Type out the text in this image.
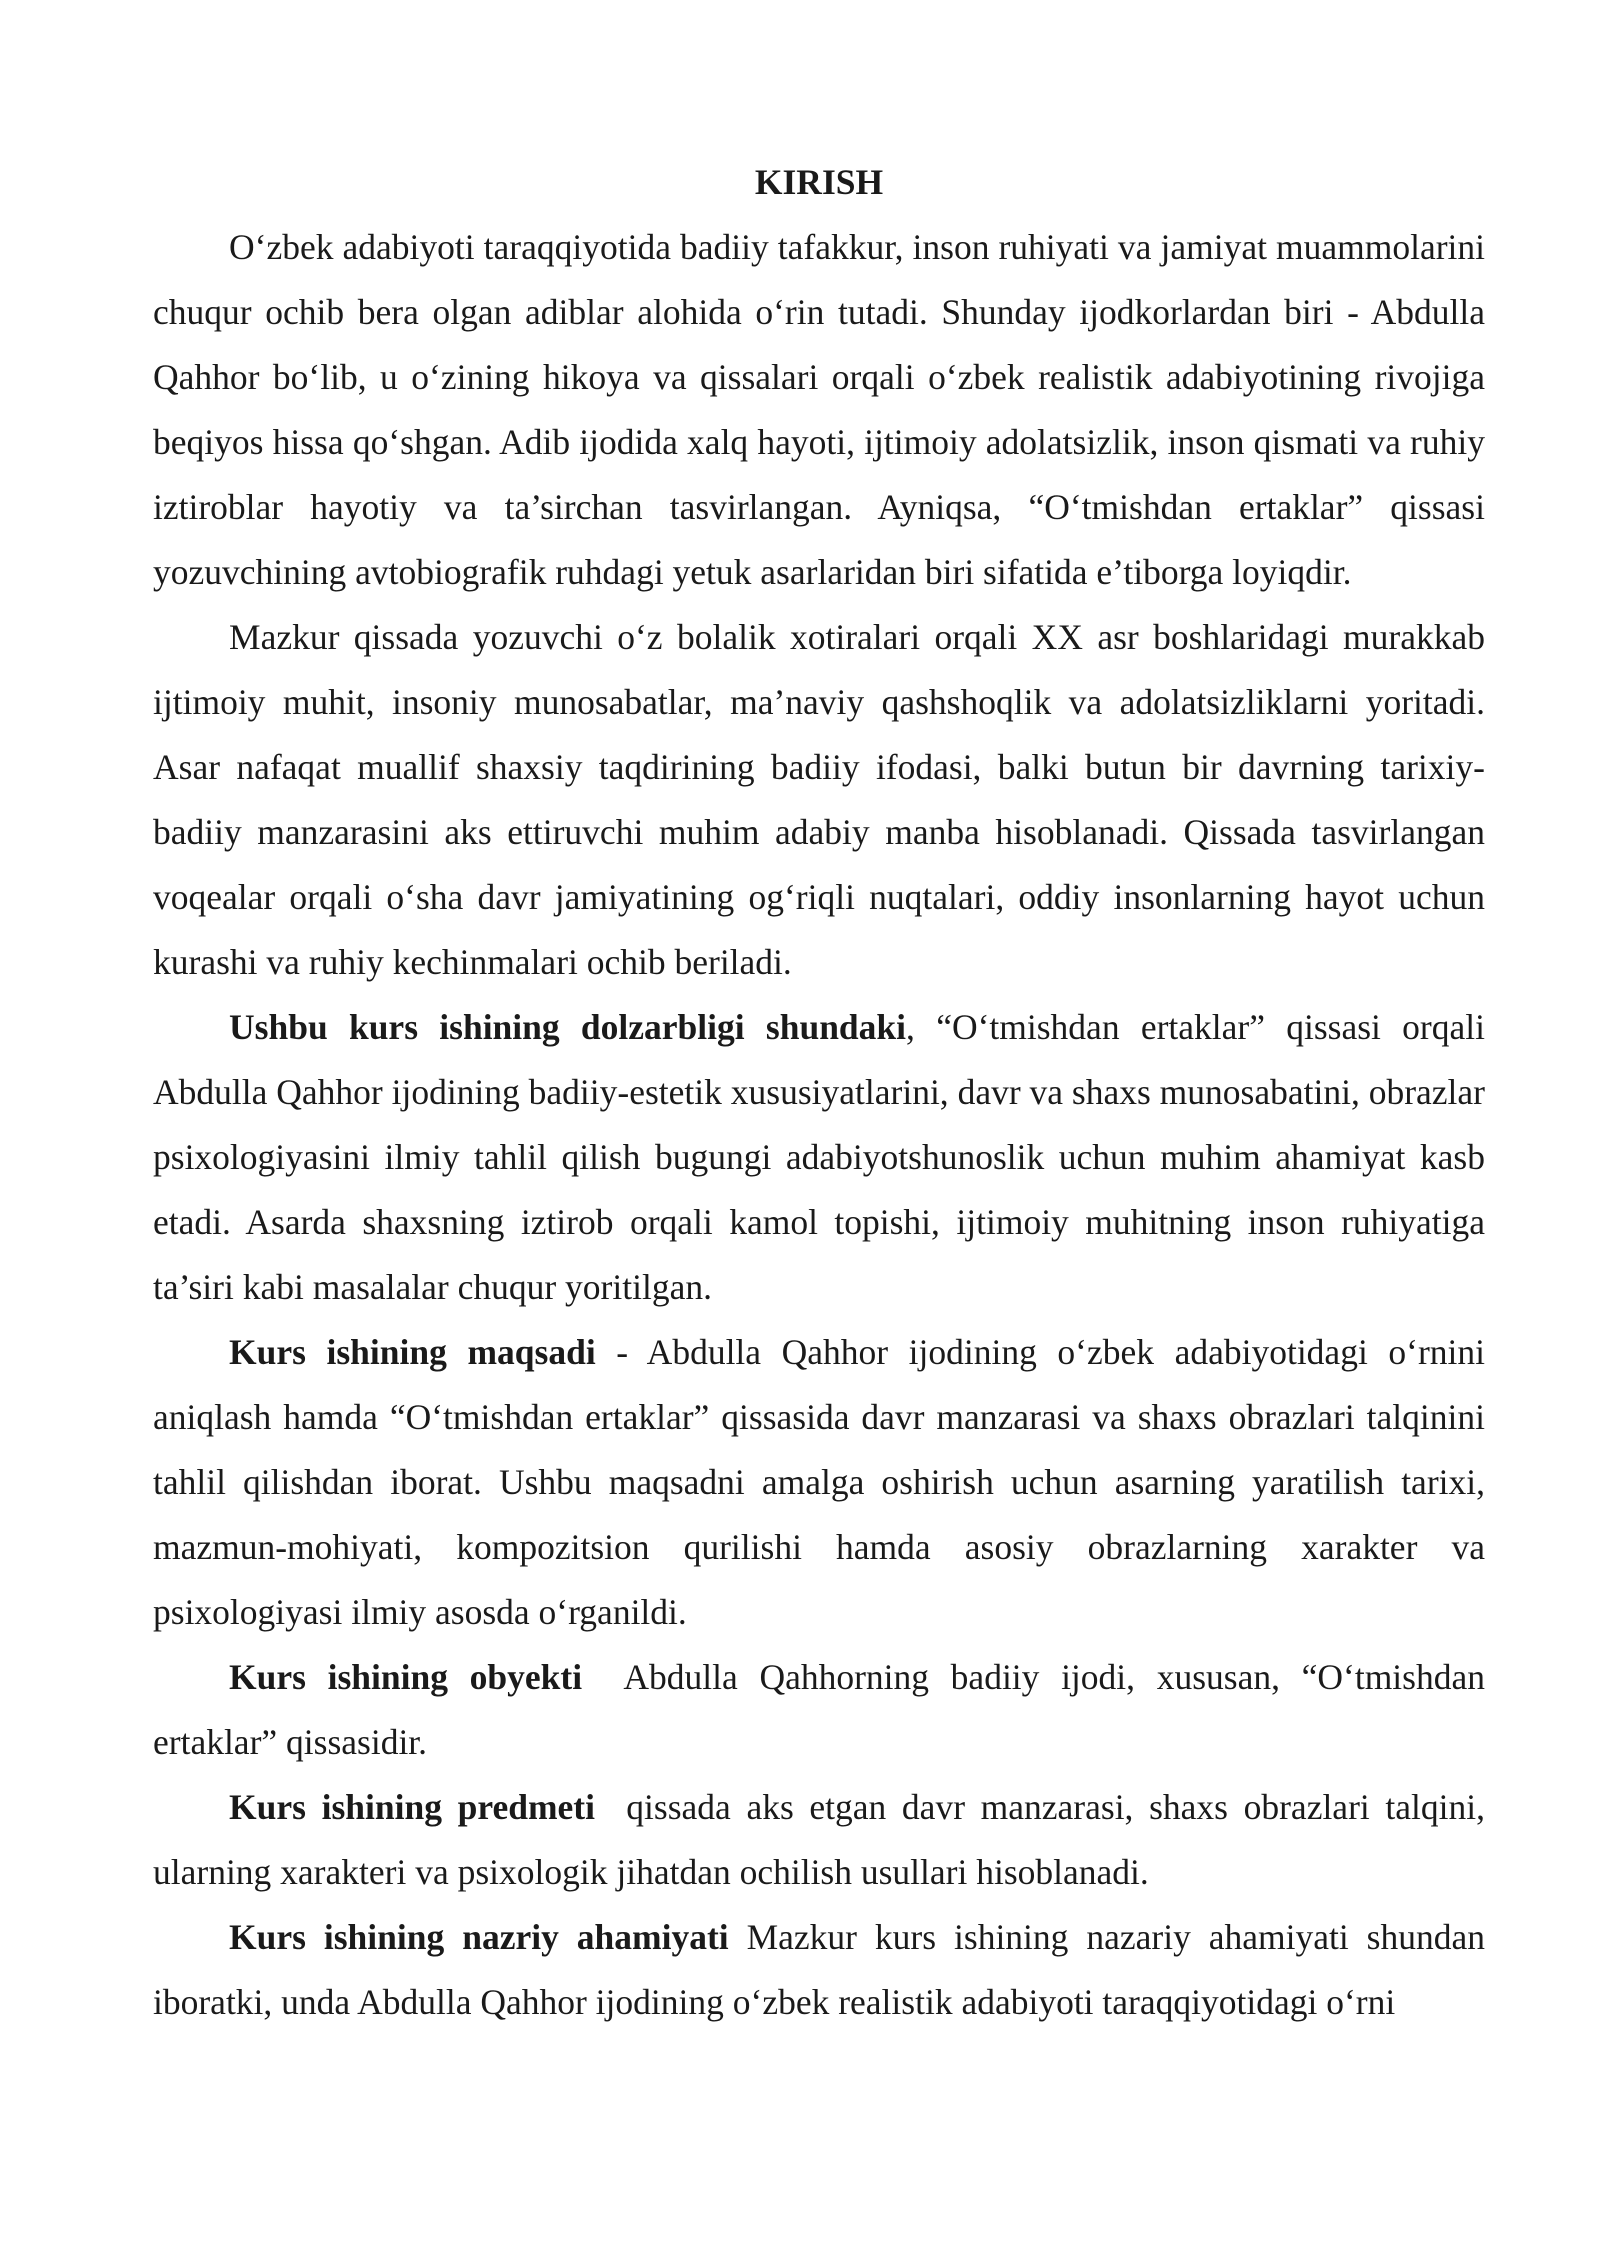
KIRISH

O‘zbek adabiyoti taraqqiyotida badiiy tafakkur, inson ruhiyati va jamiyat muammolarini chuqur ochib bera olgan adiblar alohida o‘rin tutadi. Shunday ijodkorlardan biri - Abdulla Qahhor bo‘lib, u o‘zining hikoya va qissalari orqali o‘zbek realistik adabiyotining rivojiga beqiyos hissa qo‘shgan. Adib ijodida xalq hayoti, ijtimoiy adolatsizlik, inson qismati va ruhiy iztiroblar hayotiy va ta’sirchan tasvirlangan. Ayniqsa, “O‘tmishdan ertaklar” qissasi yozuvchining avtobiografik ruhdagi yetuk asarlaridan biri sifatida e’tiborga loyiqdir.

Mazkur qissada yozuvchi o‘z bolalik xotiralari orqali XX asr boshlaridagi murakkab ijtimoiy muhit, insoniy munosabatlar, ma’naviy qashshoqlik va adolatsizliklarni yoritadi. Asar nafaqat muallif shaxsiy taqdirining badiiy ifodasi, balki butun bir davrning tarixiy-badiiy manzarasini aks ettiruvchi muhim adabiy manba hisoblanadi. Qissada tasvirlangan voqealar orqali o‘sha davr jamiyatining og‘riqli nuqtalari, oddiy insonlarning hayot uchun kurashi va ruhiy kechinmalari ochib beriladi.

Ushbu kurs ishining dolzarbligi shundaki, “O‘tmishdan ertaklar” qissasi orqali Abdulla Qahhor ijodining badiiy-estetik xususiyatlarini, davr va shaxs munosabatini, obrazlar psixologiyasini ilmiy tahlil qilish bugungi adabiyotshunoslik uchun muhim ahamiyat kasb etadi. Asarda shaxsning iztirob orqali kamol topishi, ijtimoiy muhitning inson ruhiyatiga ta’siri kabi masalalar chuqur yoritilgan.

Kurs ishining maqsadi - Abdulla Qahhor ijodining o‘zbek adabiyotidagi o‘rnini aniqlash hamda “O‘tmishdan ertaklar” qissasida davr manzarasi va shaxs obrazlari talqinini tahlil qilishdan iborat. Ushbu maqsadni amalga oshirish uchun asarning yaratilish tarixi, mazmun-mohiyati, kompozitsion qurilishi hamda asosiy obrazlarning xarakter va psixologiyasi ilmiy asosda o‘rganildi.

Kurs ishining obyekti  Abdulla Qahhorning badiiy ijodi, xususan, “O‘tmishdan ertaklar” qissasidir.

Kurs ishining predmeti  qissada aks etgan davr manzarasi, shaxs obrazlari talqini, ularning xarakteri va psixologik jihatdan ochilish usullari hisoblanadi.

Kurs ishining nazriy ahamiyati Mazkur kurs ishining nazariy ahamiyati shundan iboratki, unda Abdulla Qahhor ijodining o‘zbek realistik adabiyoti taraqqiyotidagi o‘rni
